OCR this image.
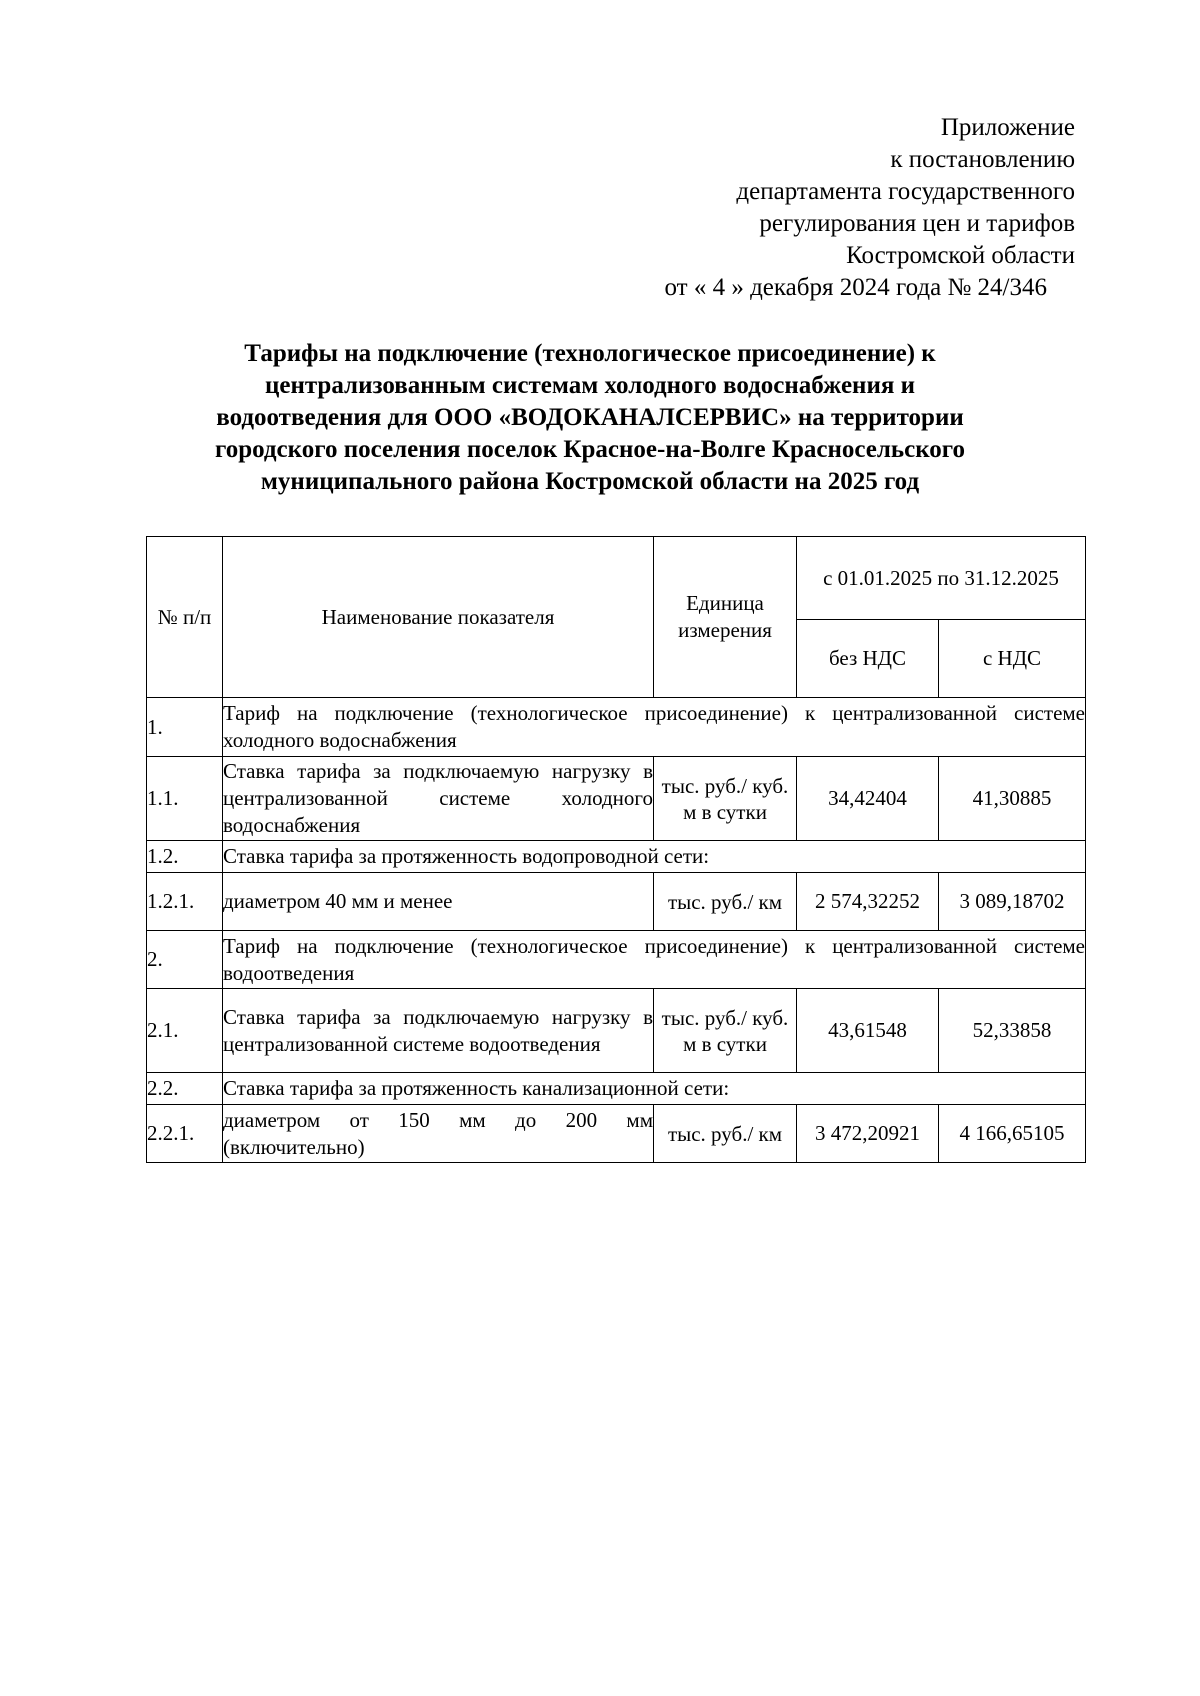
Приложение
к постановлению
департамента государственного
регулирования цен и тарифов
Костромской области
от « 4 » декабря 2024 года № 24/346
Тарифы на подключение (технологическое присоединение) к
централизованным системам холодного водоснабжения и
водоотведения для ООО «ВОДОКАНАЛСЕРВИС» на территории
городского поселения поселок Красное-на-Волге Красносельского
муниципального района Костромской области на 2025 год
№ п/п	Наименование показателя	Единица измерения	с 01.01.2025 по 31.12.2025	
			без НДС	с НДС
1.	Тариф на подключение (технологическое присоединение) к централизованной системе холодного водоснабжения			
1.1.	Ставка тарифа за подключаемую нагрузку в централизованной системе холодного водоснабжения	тыс. руб./ куб. м в сутки	34,42404	41,30885
1.2.	Ставка тарифа за протяженность водопроводной сети:			
1.2.1.	диаметром 40 мм и менее	тыс. руб./ км	2 574,32252	3 089,18702
2.	Тариф на подключение (технологическое присоединение) к централизованной системе водоотведения			
2.1.	Ставка тарифа за подключаемую нагрузку в централизованной системе водоотведения	тыс. руб./ куб. м в сутки	43,61548	52,33858
2.2.	Ставка тарифа за протяженность канализационной сети:			
2.2.1.	диаметром от 150 мм до 200 мм (включительно)	тыс. руб./ км	3 472,20921	4 166,65105
